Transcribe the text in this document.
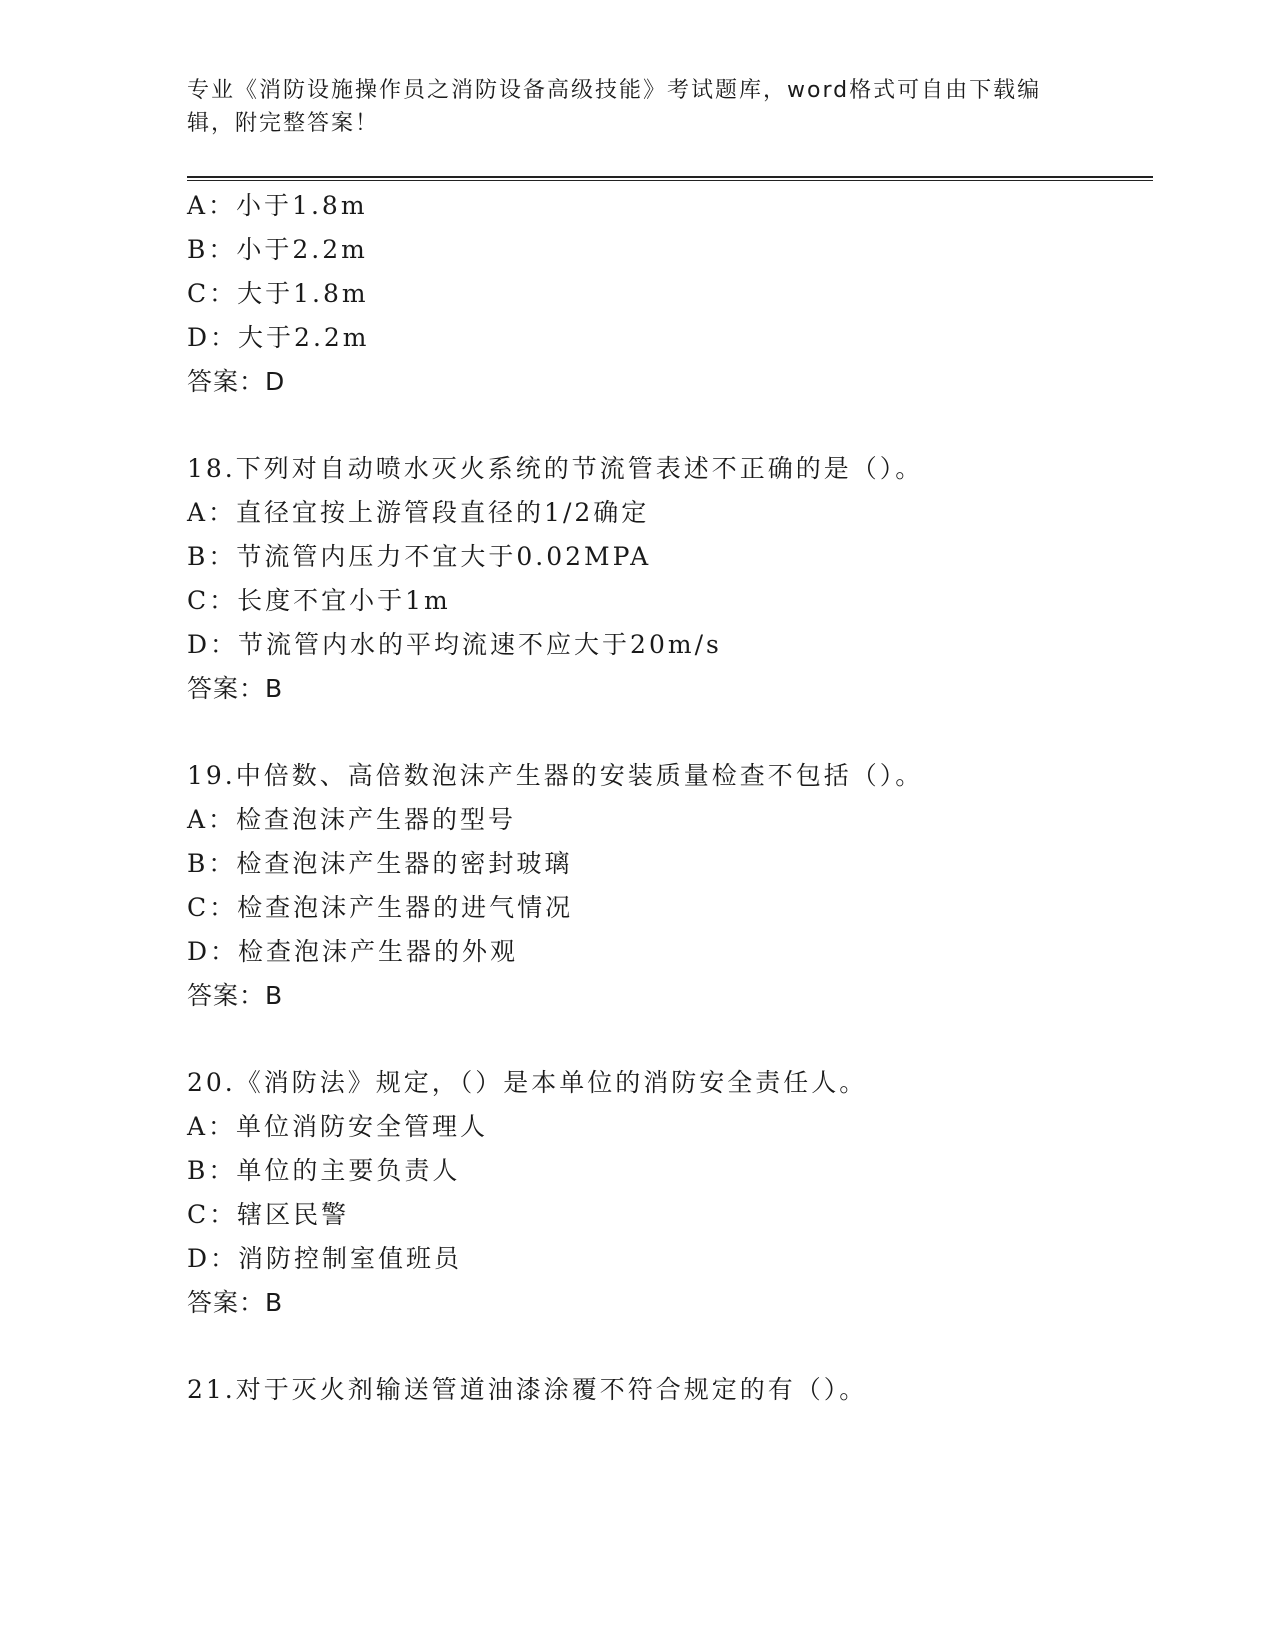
专业《消防设施操作员之消防设备高级技能》考试题库，word格式可自由下载编辑，附完整答案！
A：小于1.8m
B：小于2.2m
C：大于1.8m
D：大于2.2m
答案：D
18.下列对自动喷水灭火系统的节流管表述不正确的是（）。
A：直径宜按上游管段直径的1/2确定
B：节流管内压力不宜大于0.02MPA
C：长度不宜小于1m
D：节流管内水的平均流速不应大于20m/s
答案：B
19.中倍数、高倍数泡沫产生器的安装质量检查不包括（）。
A：检查泡沫产生器的型号
B：检查泡沫产生器的密封玻璃
C：检查泡沫产生器的进气情况
D：检查泡沫产生器的外观
答案：B
20.《消防法》规定，（）是本单位的消防安全责任人。
A：单位消防安全管理人
B：单位的主要负责人
C：辖区民警
D：消防控制室值班员
答案：B
21.对于灭火剂输送管道油漆涂覆不符合规定的有（）。
